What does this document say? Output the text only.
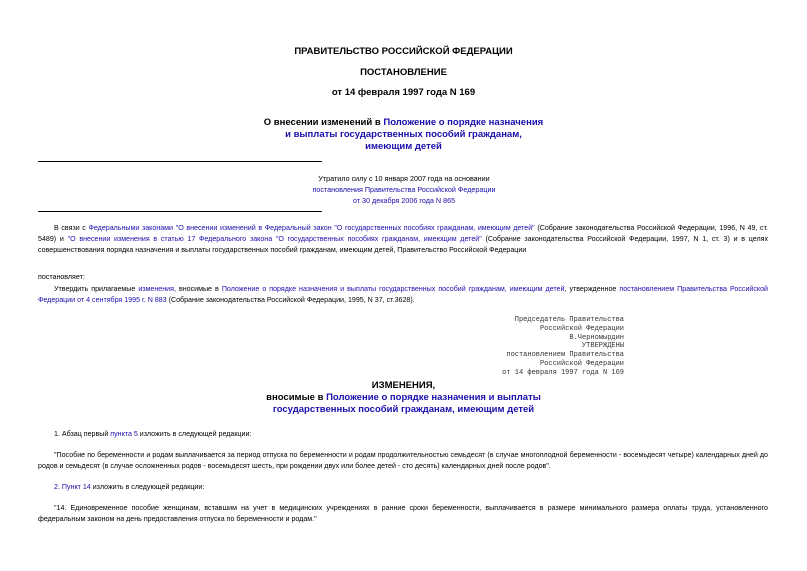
ПРАВИТЕЛЬСТВО РОССИЙСКОЙ ФЕДЕРАЦИИ
ПОСТАНОВЛЕНИЕ
от 14 февраля 1997 года N 169
О внесении изменений в Положение о порядке назначения
и выплаты государственных пособий гражданам,
имеющим детей
Утратило силу с 10 января 2007 года на основании
постановления Правительства Российской Федерации
от 30 декабря 2006 года N 865
В связи с Федеральными законами "О внесении изменений в Федеральный закон "О государственных пособиях гражданам, имеющим детей" (Собрание законодательства Российской Федерации, 1996, N 49, ст. 5489) и "О внесении изменения в статью 17 Федерального закона "О государственных пособиях гражданам, имеющим детей" (Собрание законодательства Российской Федерации, 1997, N 1, ст. 3) и в целях совершенствования порядка назначения и выплаты государственных пособий гражданам, имеющим детей, Правительство Российской Федерации
постановляет:
Утвердить прилагаемые изменения, вносимые в Положение о порядке назначения и выплаты государственных пособий гражданам, имеющим детей, утвержденное постановлением Правительства Российской Федерации от 4 сентября 1995 г. N 883 (Собрание законодательства Российской Федерации, 1995, N 37, ст.3628).
Председатель Правительства
Российской Федерации
В.Черномырдин
УТВЕРЖДЕНЫ
постановлением Правительства
Российской Федерации
от 14 февраля 1997 года N 169
ИЗМЕНЕНИЯ,
вносимые в Положение о порядке назначения и выплаты
государственных пособий гражданам, имеющим детей
1. Абзац первый пункта 5 изложить в следующей редакции:
"Пособие по беременности и родам выплачивается за период отпуска по беременности и родам продолжительностью семьдесят (в случае многоплодной беременности - восемьдесят четыре) календарных дней до родов и семьдесят (в случае осложненных родов - восемьдесят шесть, при рождении двух или более детей - сто десять) календарных дней после родов".
2. Пункт 14 изложить в следующей редакции:
"14. Единовременное пособие женщинам, вставшим на учет в медицинских учреждениях в ранние сроки беременности, выплачивается в размере минимального размера оплаты труда, установленного федеральным законом на день предоставления отпуска по беременности и родам."
